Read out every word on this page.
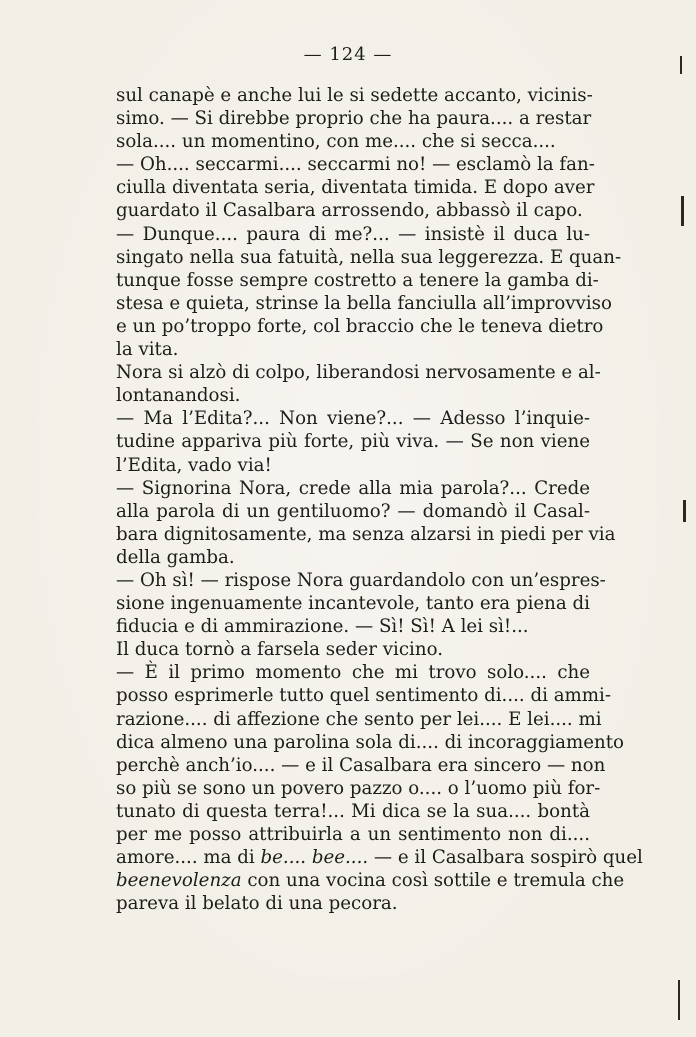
— 124 —
sul canapè e anche lui le si sedette accanto, vicinis-
simo. — Si direbbe proprio che ha paura.... a restar
sola.... un momentino, con me.... che si secca....
— Oh.... seccarmi.... seccarmi no! — esclamò la fan-
ciulla diventata seria, diventata timida. E dopo aver
guardato il Casalbara arrossendo, abbassò il capo.
— Dunque.... paura di me?... — insistè il duca lu-
singato nella sua fatuità, nella sua leggerezza. E quan-
tunque fosse sempre costretto a tenere la gamba di-
stesa e quieta, strinse la bella fanciulla all’improvviso
e un po’troppo forte, col braccio che le teneva dietro
la vita.
Nora si alzò di colpo, liberandosi nervosamente e al-
lontanandosi.
— Ma l’Edita?... Non viene?... — Adesso l’inquie-
tudine appariva più forte, più viva. — Se non viene
l’Edita, vado via!
— Signorina Nora, crede alla mia parola?... Crede
alla parola di un gentiluomo? — domandò il Casal-
bara dignitosamente, ma senza alzarsi in piedi per via
della gamba.
— Oh sì! — rispose Nora guardandolo con un’espres-
sione ingenuamente incantevole, tanto era piena di
fiducia e di ammirazione. — Sì! Sì! A lei sì!...
Il duca tornò a farsela seder vicino.
— È il primo momento che mi trovo solo.... che
posso esprimerle tutto quel sentimento di.... di ammi-
razione.... di affezione che sento per lei.... E lei.... mi
dica almeno una parolina sola di.... di incoraggiamento
perchè anch’io.... — e il Casalbara era sincero — non
so più se sono un povero pazzo o.... o l’uomo più for-
tunato di questa terra!... Mi dica se la sua.... bontà
per me posso attribuirla a un sentimento non di....
amore.... ma di be.... bee.... — e il Casalbara sospirò quel
beenevolenza con una vocina così sottile e tremula che
pareva il belato di una pecora.
